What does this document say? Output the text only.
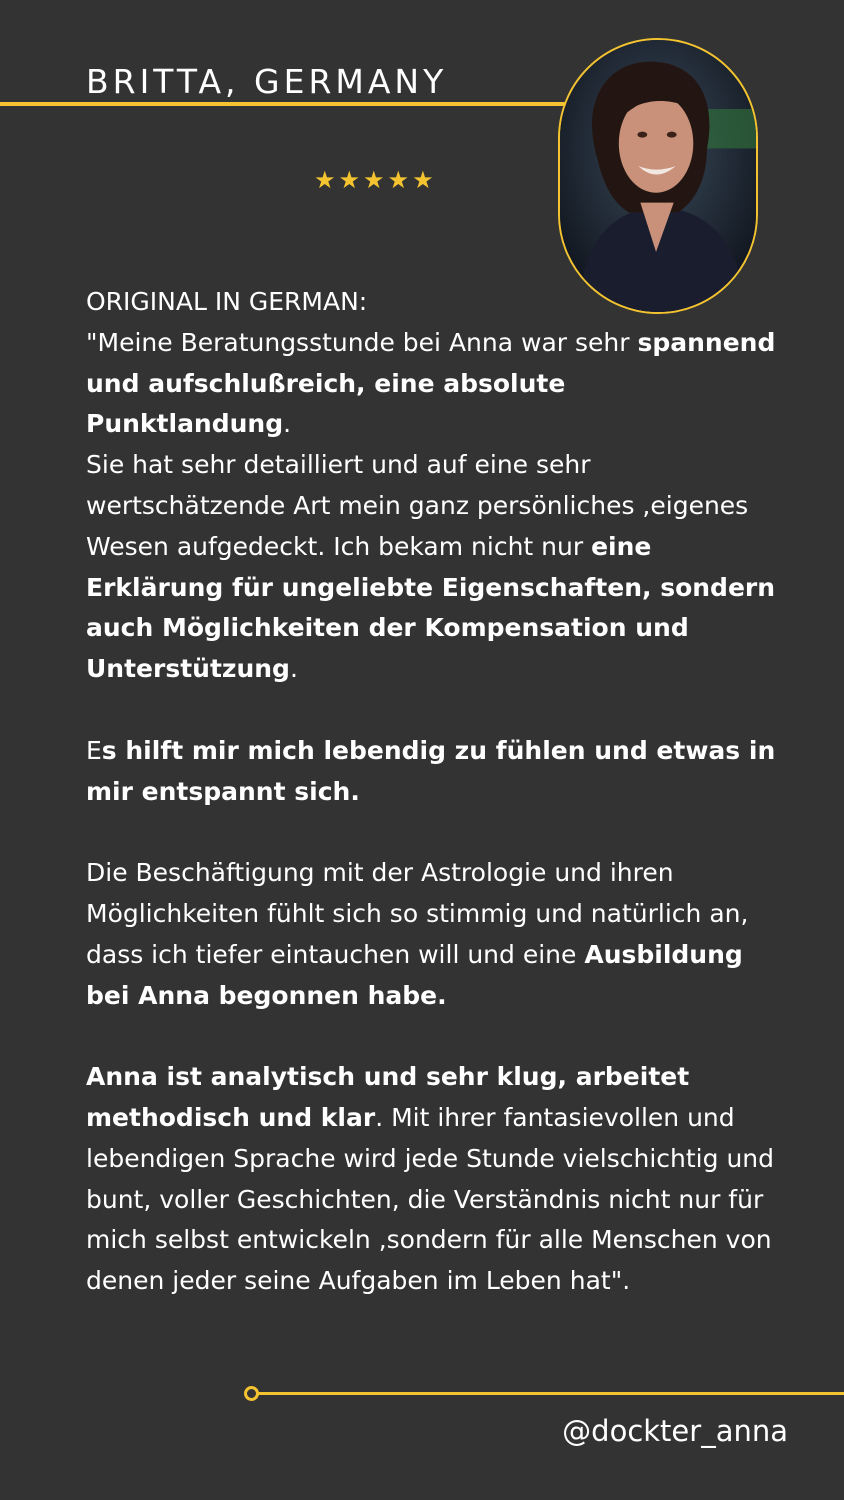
BRITTA, GERMANY
★★★★★

ORIGINAL IN GERMAN:

"Meine Beratungsstunde bei Anna war sehr spannend und aufschlußreich, eine absolute Punktlandung.

Sie hat sehr detailliert und auf eine sehr wertschätzende Art mein ganz persönliches ,eigenes Wesen aufgedeckt. Ich bekam nicht nur eine Erklärung für ungeliebte Eigenschaften, sondern auch Möglichkeiten der Kompensation und Unterstützung.

Es hilft mir mich lebendig zu fühlen und etwas in mir entspannt sich.

Die Beschäftigung mit der Astrologie und ihren Möglichkeiten fühlt sich so stimmig und natürlich an, dass ich tiefer eintauchen will und eine Ausbildung bei Anna begonnen habe.

Anna ist analytisch und sehr klug, arbeitet methodisch und klar. Mit ihrer fantasievollen und lebendigen Sprache wird jede Stunde vielschichtig und bunt, voller Geschichten, die Verständnis nicht nur für mich selbst entwickeln ,sondern für alle Menschen von denen jeder seine Aufgaben im Leben hat".

@dockter_anna
